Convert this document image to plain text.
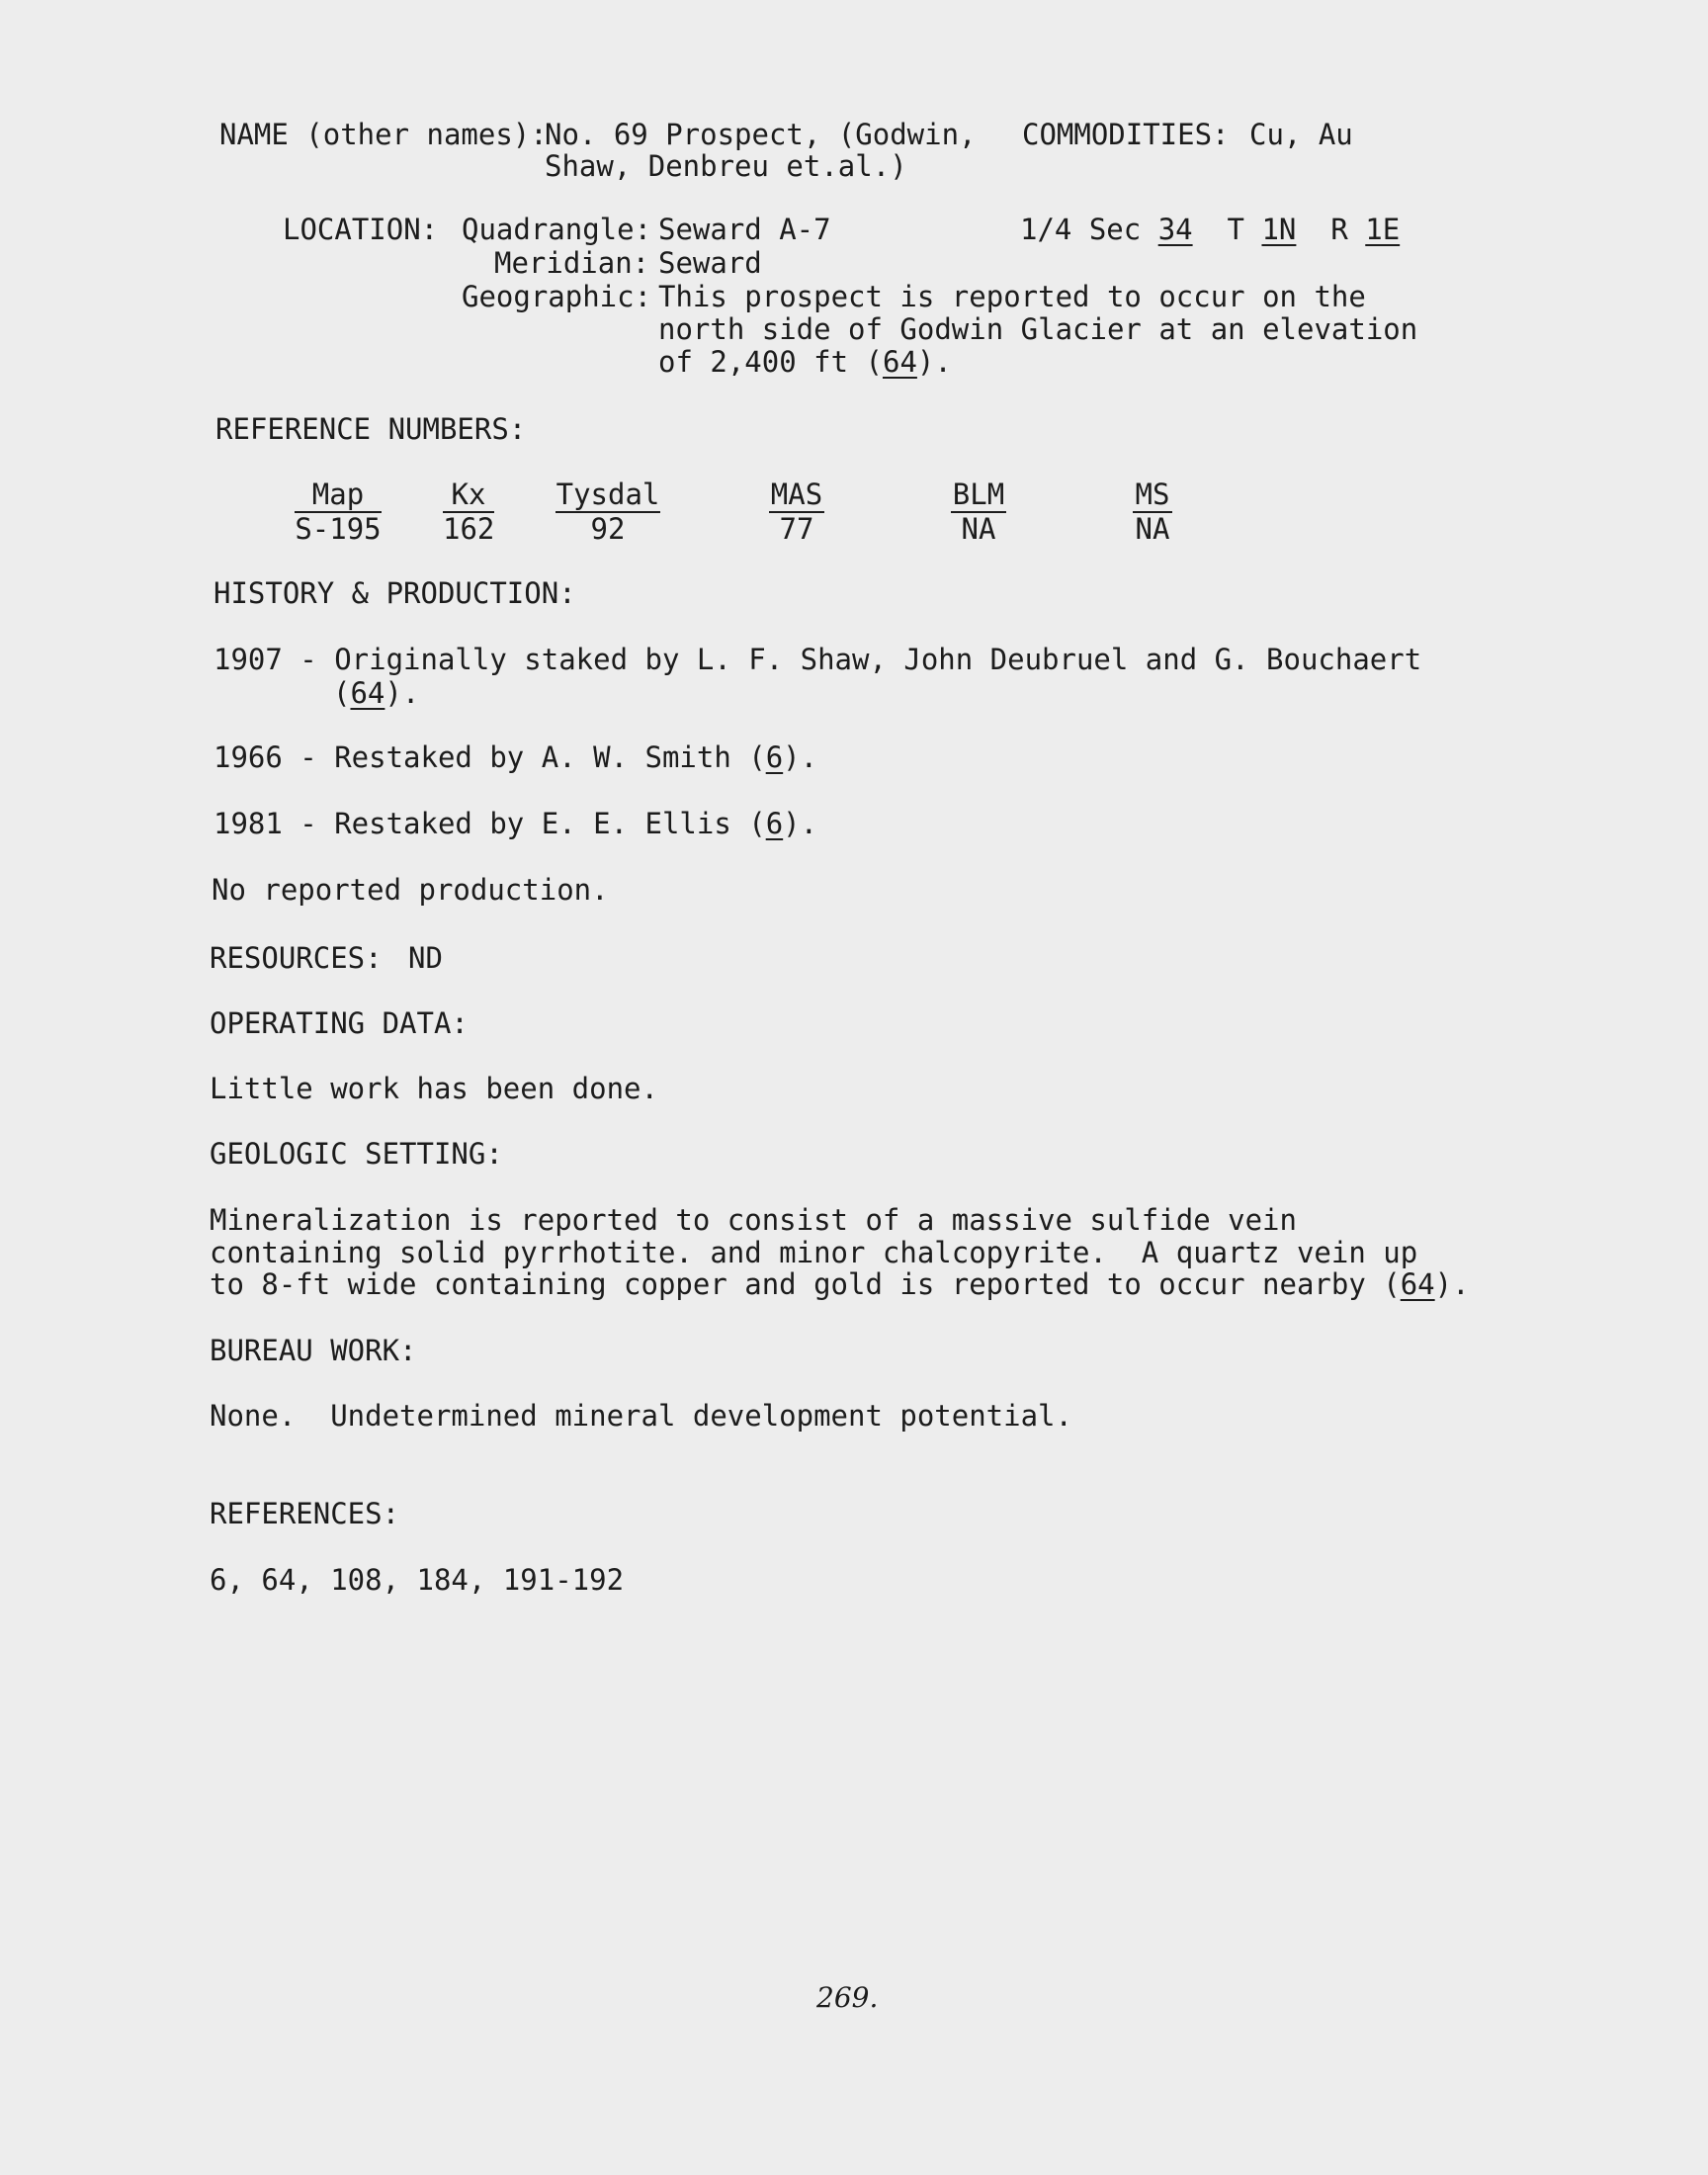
NAME (other names):
No. 69 Prospect, (Godwin,
Shaw, Denbreu et.al.)
COMMODITIES: Cu, Au
LOCATION: Quadrangle: Seward A-7	1/4 Sec 34 T 1N R 1E
Meridian: Seward
Geographic: This prospect is reported to occur on the
north side of Godwin Glacier at an elevation
of 2,400 ft (64).
REFERENCE NUMBERS:
Map
S-195
Kx
162
Tysdal
92
MAS
77
BLM
NA
MS
NA
HISTORY & PRODUCTION:
1907 - Originally staked by L. F. Shaw, John Deubruel and G. Bouchaert
(64).
1966 - Restaked by A. W. Smith (6).
1981 - Restaked by E. E. Ellis (6).
No reported production.
RESOURCES: ND
OPERATING DATA:
Little work has been done.
GEOLOGIC SETTING:
Mineralization is reported to consist of a massive sulfide vein
containing solid pyrrhotite. and minor chalcopyrite.  A quartz vein up
to 8-ft wide containing copper and gold is reported to occur nearby (64).
BUREAU WORK:
None.  Undetermined mineral development potential.
REFERENCES:
6, 64, 108, 184, 191-192
269.
